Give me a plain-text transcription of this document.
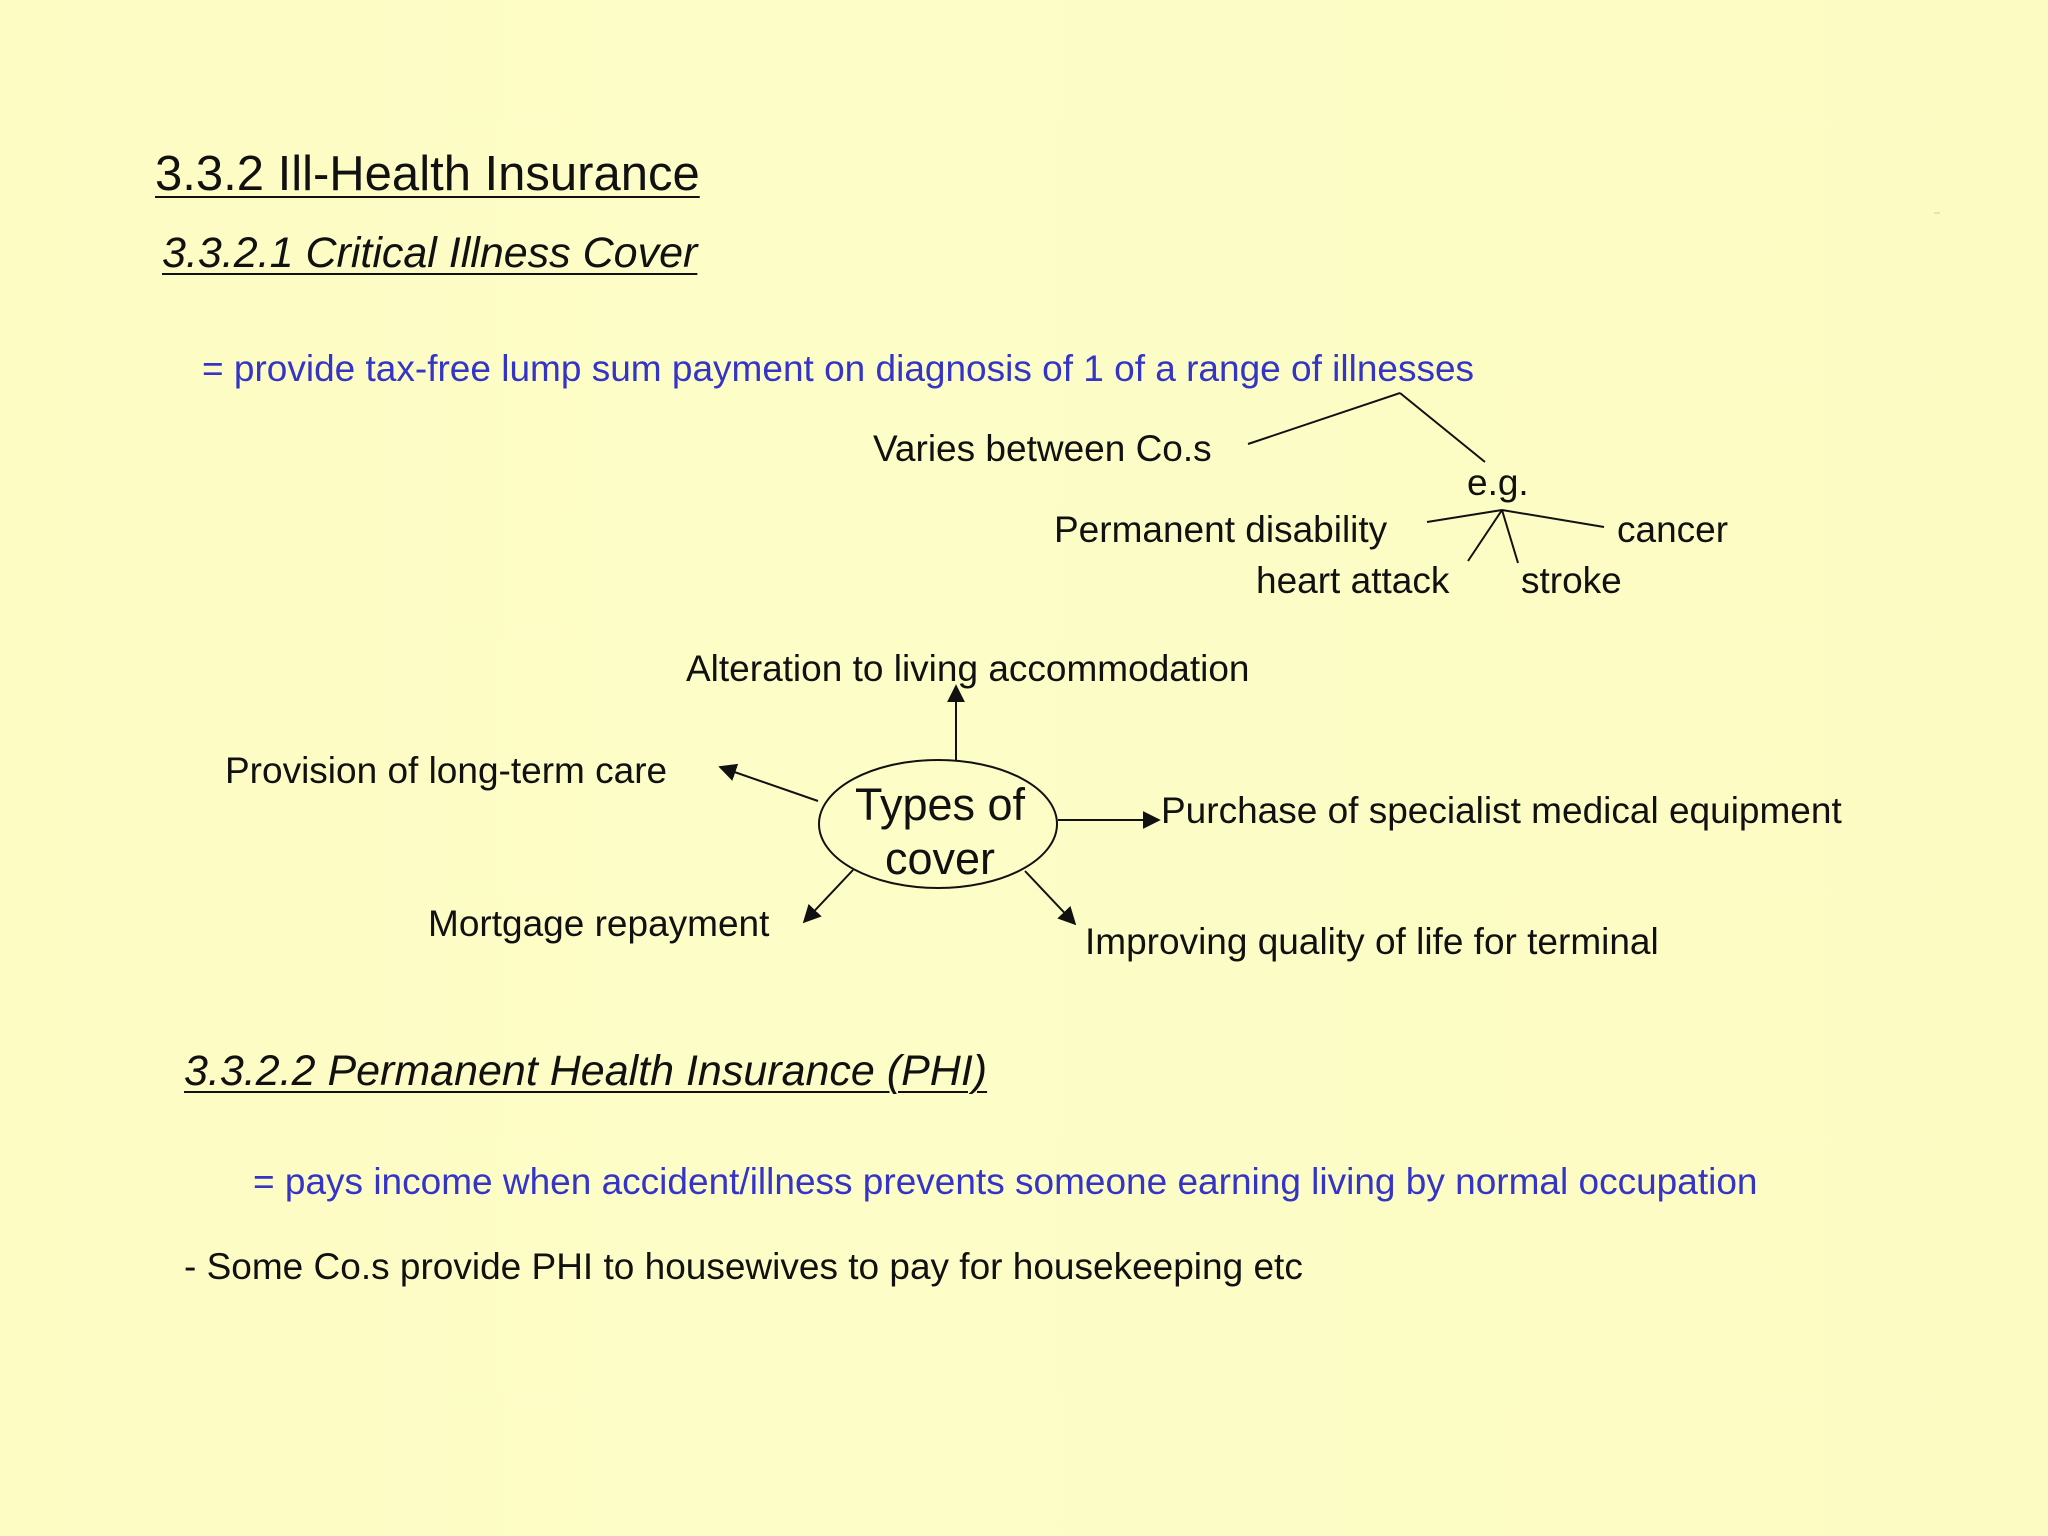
3.3.2 Ill-Health Insurance
3.3.2.1 Critical Illness Cover
= provide tax-free lump sum payment on diagnosis of 1 of a range of illnesses
Varies between Co.s
e.g.
Permanent disability	cancer
heart attack stroke
Alteration to living accommodation
Provision of long-term care
Purchase of specialist medical equipment
Mortgage repayment	Improving quality of life for terminal
Types of
cover
3.3.2.2 Permanent Health Insurance (PHI)
= pays income when accident/illness prevents someone earning living by normal occupation
- Some Co.s provide PHI to housewives to pay for housekeeping etc
